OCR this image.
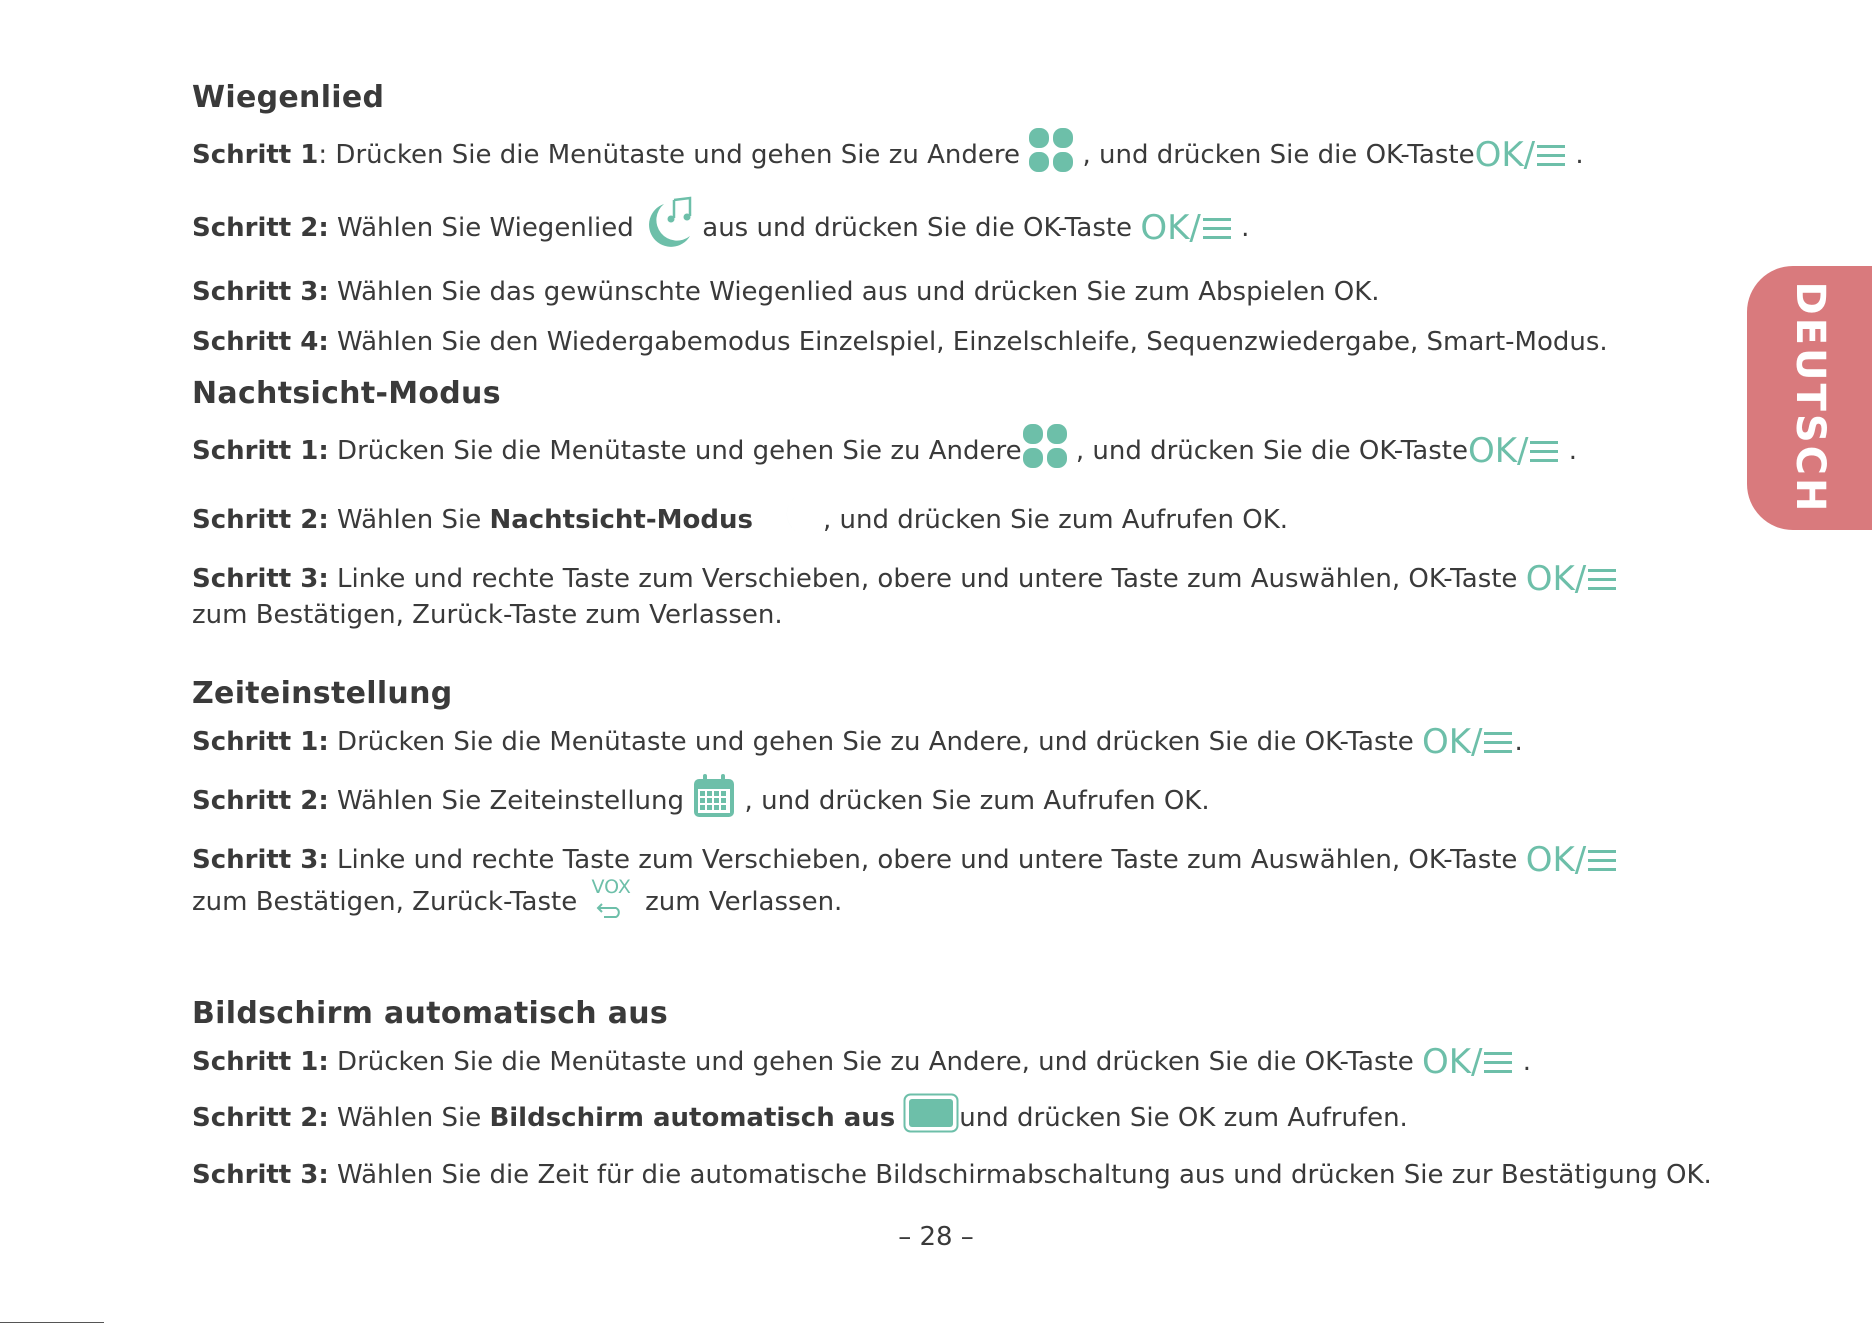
Wiegenlied

Schritt 1: Drücken Sie die Menütaste und gehen Sie zu Andere  , und drücken Sie die OK-TasteOK/ .

Schritt 2: Wählen Sie Wiegenlied  aus und drücken Sie die OK-Taste OK/ .

Schritt 3: Wählen Sie das gewünschte Wiegenlied aus und drücken Sie zum Abspielen OK.

Schritt 4: Wählen Sie den Wiedergabemodus Einzelspiel, Einzelschleife, Sequenzwiedergabe, Smart-Modus.

Nachtsicht-Modus

Schritt 1: Drücken Sie die Menütaste und gehen Sie zu Andere , und drücken Sie die OK-TasteOK/ .

Schritt 2: Wählen Sie Nachtsicht-Modus	, und drücken Sie zum Aufrufen OK.

Schritt 3: Linke und rechte Taste zum Verschieben, obere und untere Taste zum Auswählen, OK-Taste OK/ zum Bestätigen, Zurück-Taste zum Verlassen.

Zeiteinstellung

Schritt 1: Drücken Sie die Menütaste und gehen Sie zu Andere, und drücken Sie die OK-Taste OK/ .

Schritt 2: Wählen Sie Zeiteinstellung  , und drücken Sie zum Aufrufen OK.

Schritt 3: Linke und rechte Taste zum Verschieben, obere und untere Taste zum Auswählen, OK-Taste OK/ zum Bestätigen, Zurück-Taste VOX zum Verlassen.

Bildschirm automatisch aus

Schritt 1: Drücken Sie die Menütaste und gehen Sie zu Andere, und drücken Sie die OK-Taste OK/ .

Schritt 2: Wählen Sie Bildschirm automatisch aus und drücken Sie OK zum Aufrufen.

Schritt 3: Wählen Sie die Zeit für die automatische Bildschirmabschaltung aus und drücken Sie zur Bestätigung OK.

DEUTSCH
– 28 –
